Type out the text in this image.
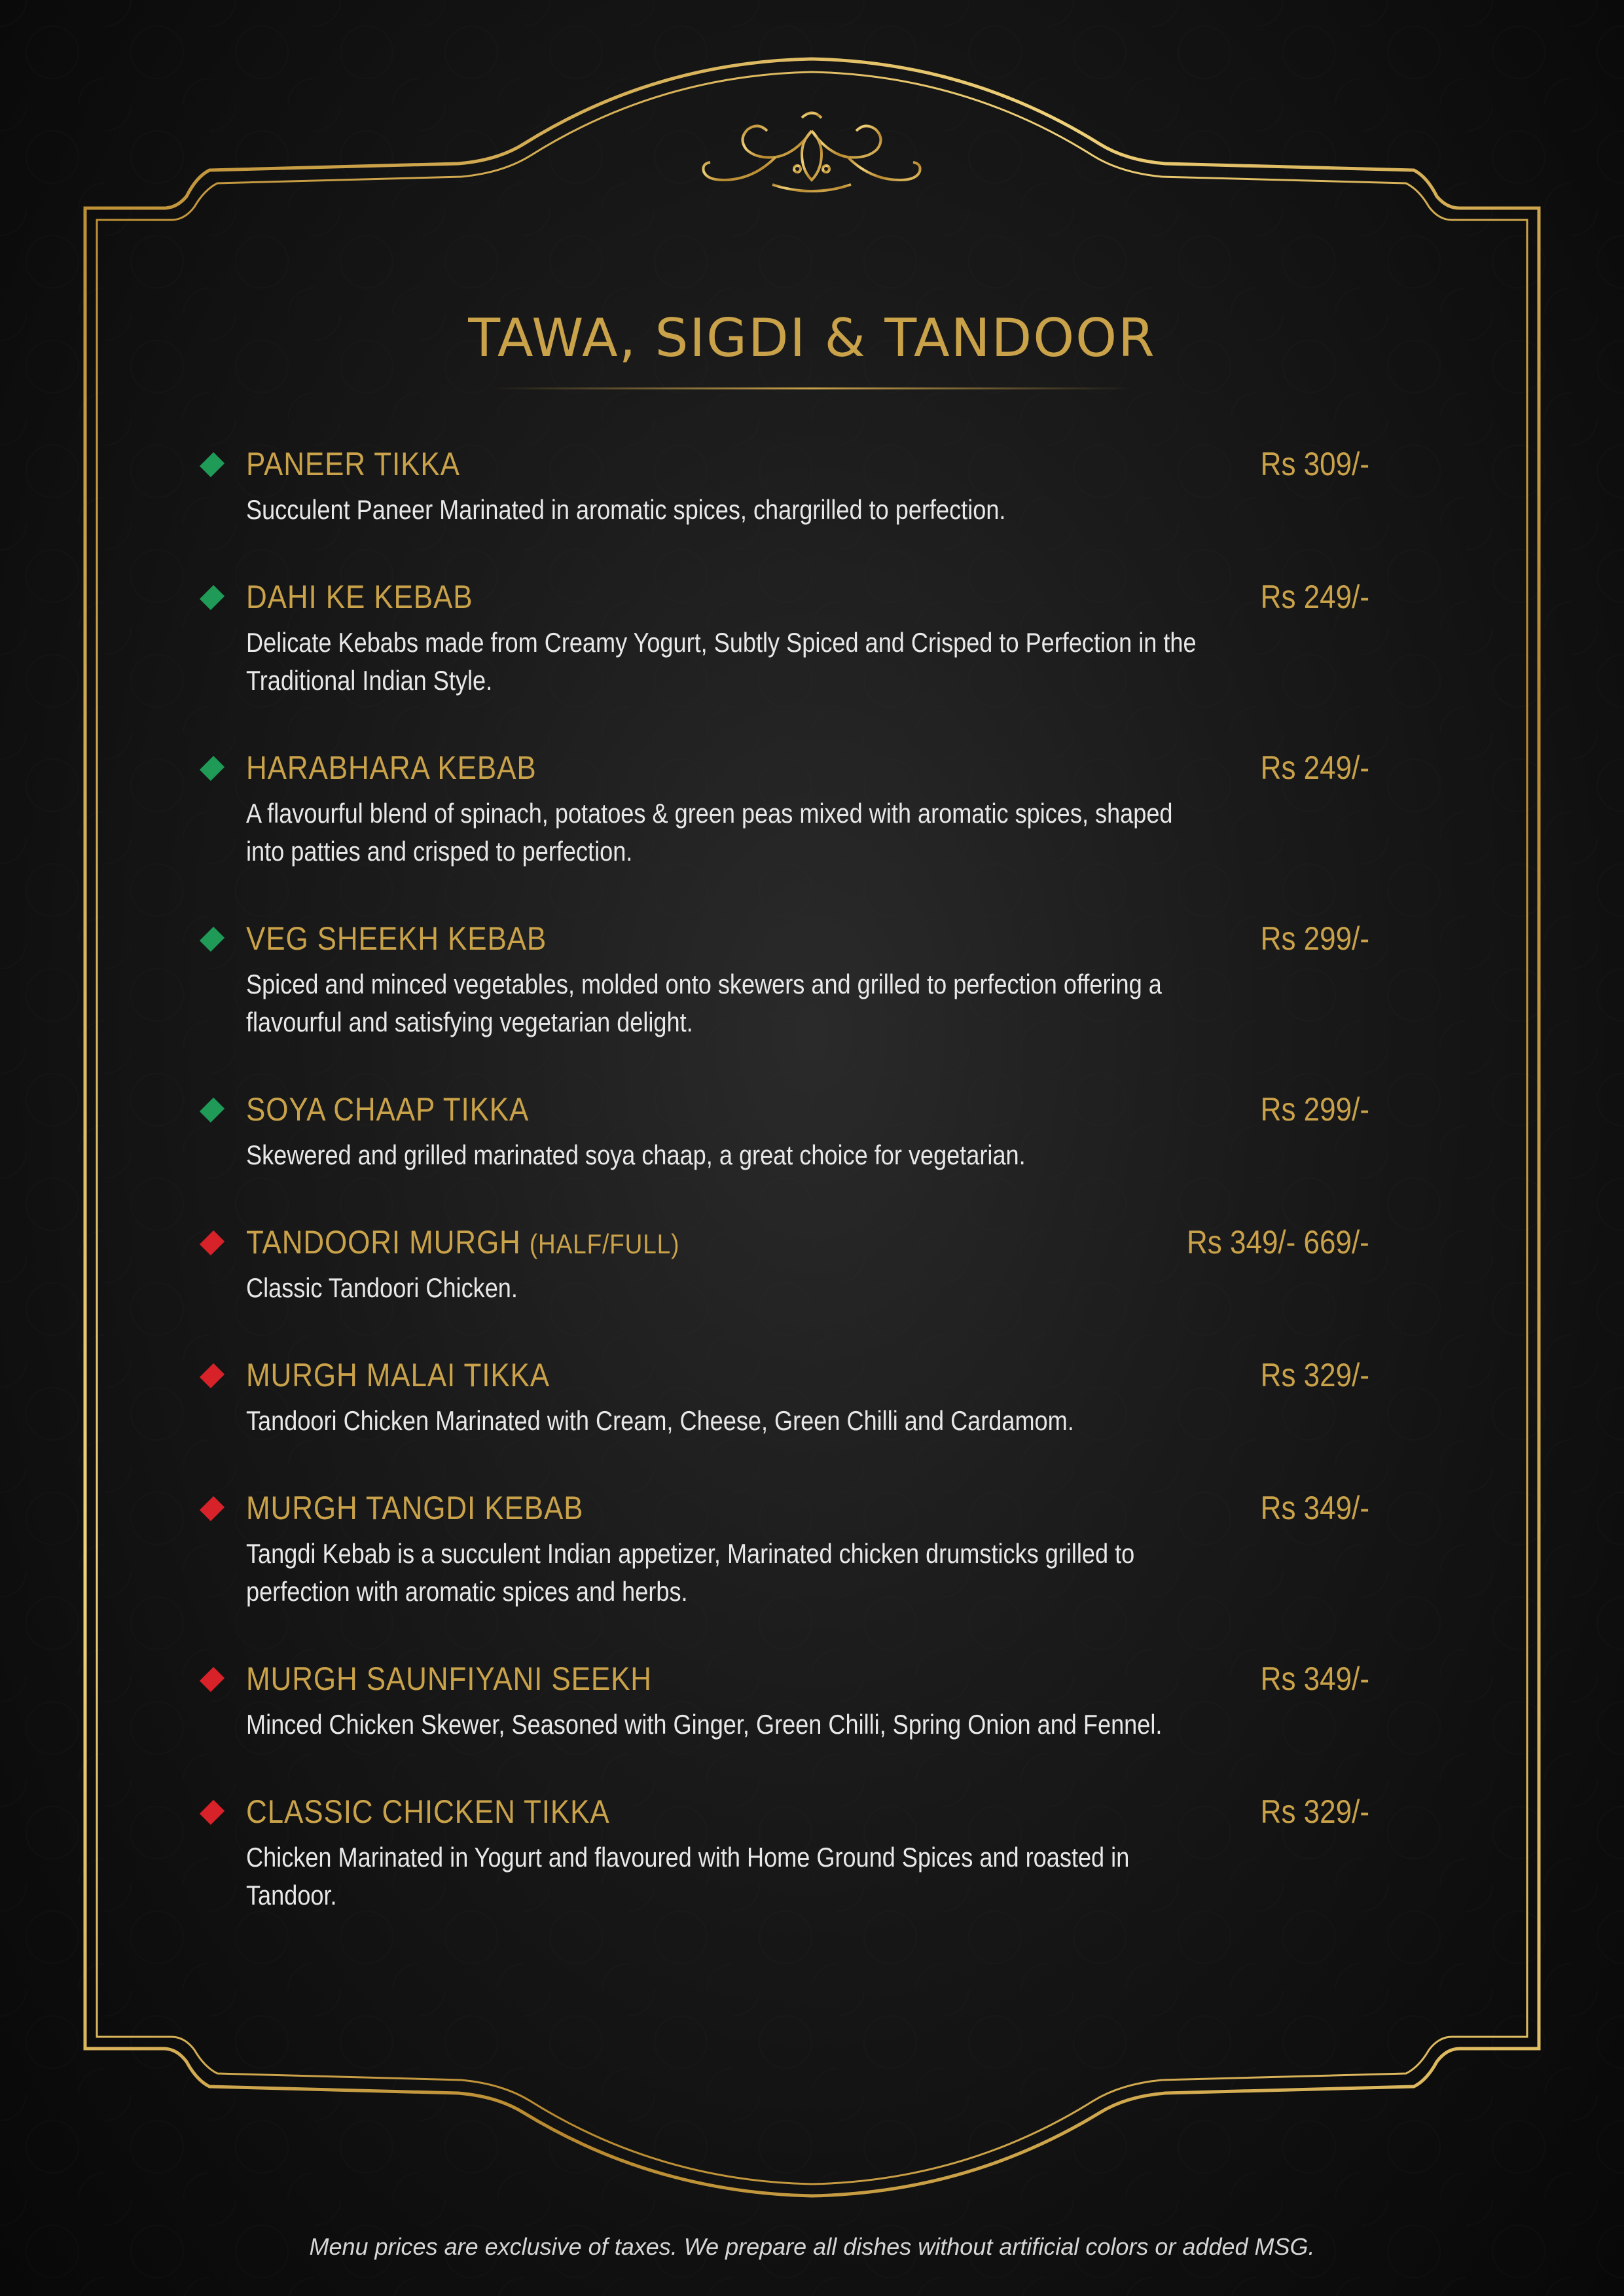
TAWA, SIGDI & TANDOOR
PANEER TIKKA	Rs 309/-
Succulent Paneer Marinated in aromatic spices, chargrilled to perfection.
DAHI KE KEBAB	Rs 249/-
Delicate Kebabs made from Creamy Yogurt, Subtly Spiced and Crisped to Perfection in the Traditional Indian Style.
HARABHARA KEBAB	Rs 249/-
A flavourful blend of spinach, potatoes & green peas mixed with aromatic spices, shaped into patties and crisped to perfection.
VEG SHEEKH KEBAB	Rs 299/-
Spiced and minced vegetables, molded onto skewers and grilled to perfection offering a flavourful and satisfying vegetarian delight.
SOYA CHAAP TIKKA	Rs 299/-
Skewered and grilled marinated soya chaap, a great choice for vegetarian.
TANDOORI MURGH (HALF/FULL)	Rs 349/- 669/-
Classic Tandoori Chicken.
MURGH MALAI TIKKA	Rs 329/-
Tandoori Chicken Marinated with Cream, Cheese, Green Chilli and Cardamom.
MURGH TANGDI KEBAB	Rs 349/-
Tangdi Kebab is a succulent Indian appetizer, Marinated chicken drumsticks grilled to perfection with aromatic spices and herbs.
MURGH SAUNFIYANI SEEKH	Rs 349/-
Minced Chicken Skewer, Seasoned with Ginger, Green Chilli, Spring Onion and Fennel.
CLASSIC CHICKEN TIKKA	Rs 329/-
Chicken Marinated in Yogurt and flavoured with Home Ground Spices and roasted in Tandoor.
Menu prices are exclusive of taxes. We prepare all dishes without artificial colors or added MSG.
